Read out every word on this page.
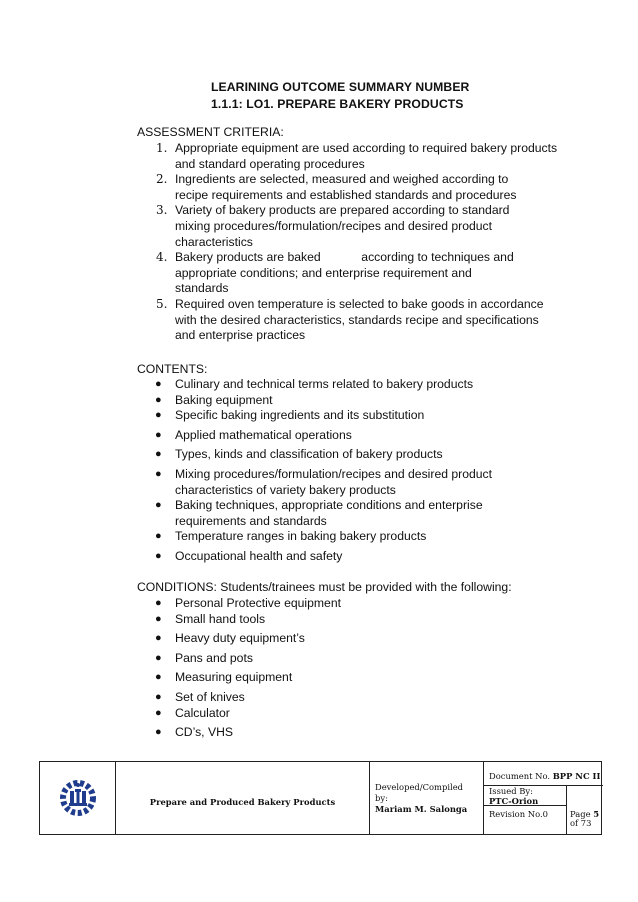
LEARINING OUTCOME SUMMARY NUMBER
1.1.1: LO1. PREPARE BAKERY PRODUCTS
ASSESSMENT CRITERIA:
1. Appropriate equipment are used according to required bakery products
and standard operating procedures
2. Ingredients are selected, measured and weighed according to
recipe requirements and established standards and procedures
3. Variety of bakery products are prepared according to standard
mixing procedures/formulation/recipes and desired product
characteristics
4. Bakery products are baked            according to techniques and
appropriate conditions; and enterprise requirement and
standards
5. Required oven temperature is selected to bake goods in accordance
with the desired characteristics, standards recipe and specifications
and enterprise practices
CONTENTS:
● Culinary and technical terms related to bakery products
● Baking equipment
● Specific baking ingredients and its substitution
● Applied mathematical operations
● Types, kinds and classification of bakery products
● Mixing procedures/formulation/recipes and desired product
characteristics of variety bakery products
● Baking techniques, appropriate conditions and enterprise
requirements and standards
● Temperature ranges in baking bakery products
● Occupational health and safety
CONDITIONS: Students/trainees must be provided with the following:
● Personal Protective equipment
● Small hand tools
● Heavy duty equipment’s
● Pans and pots
● Measuring equipment
● Set of knives
● Calculator
● CD’s, VHS
Prepare and Produced Bakery Products
Developed/Compiled by:
Mariam M. Salonga
Document No. BPP NC II
Issued By:
PTC-Orion
Revision No.0	Page 5
of 73
